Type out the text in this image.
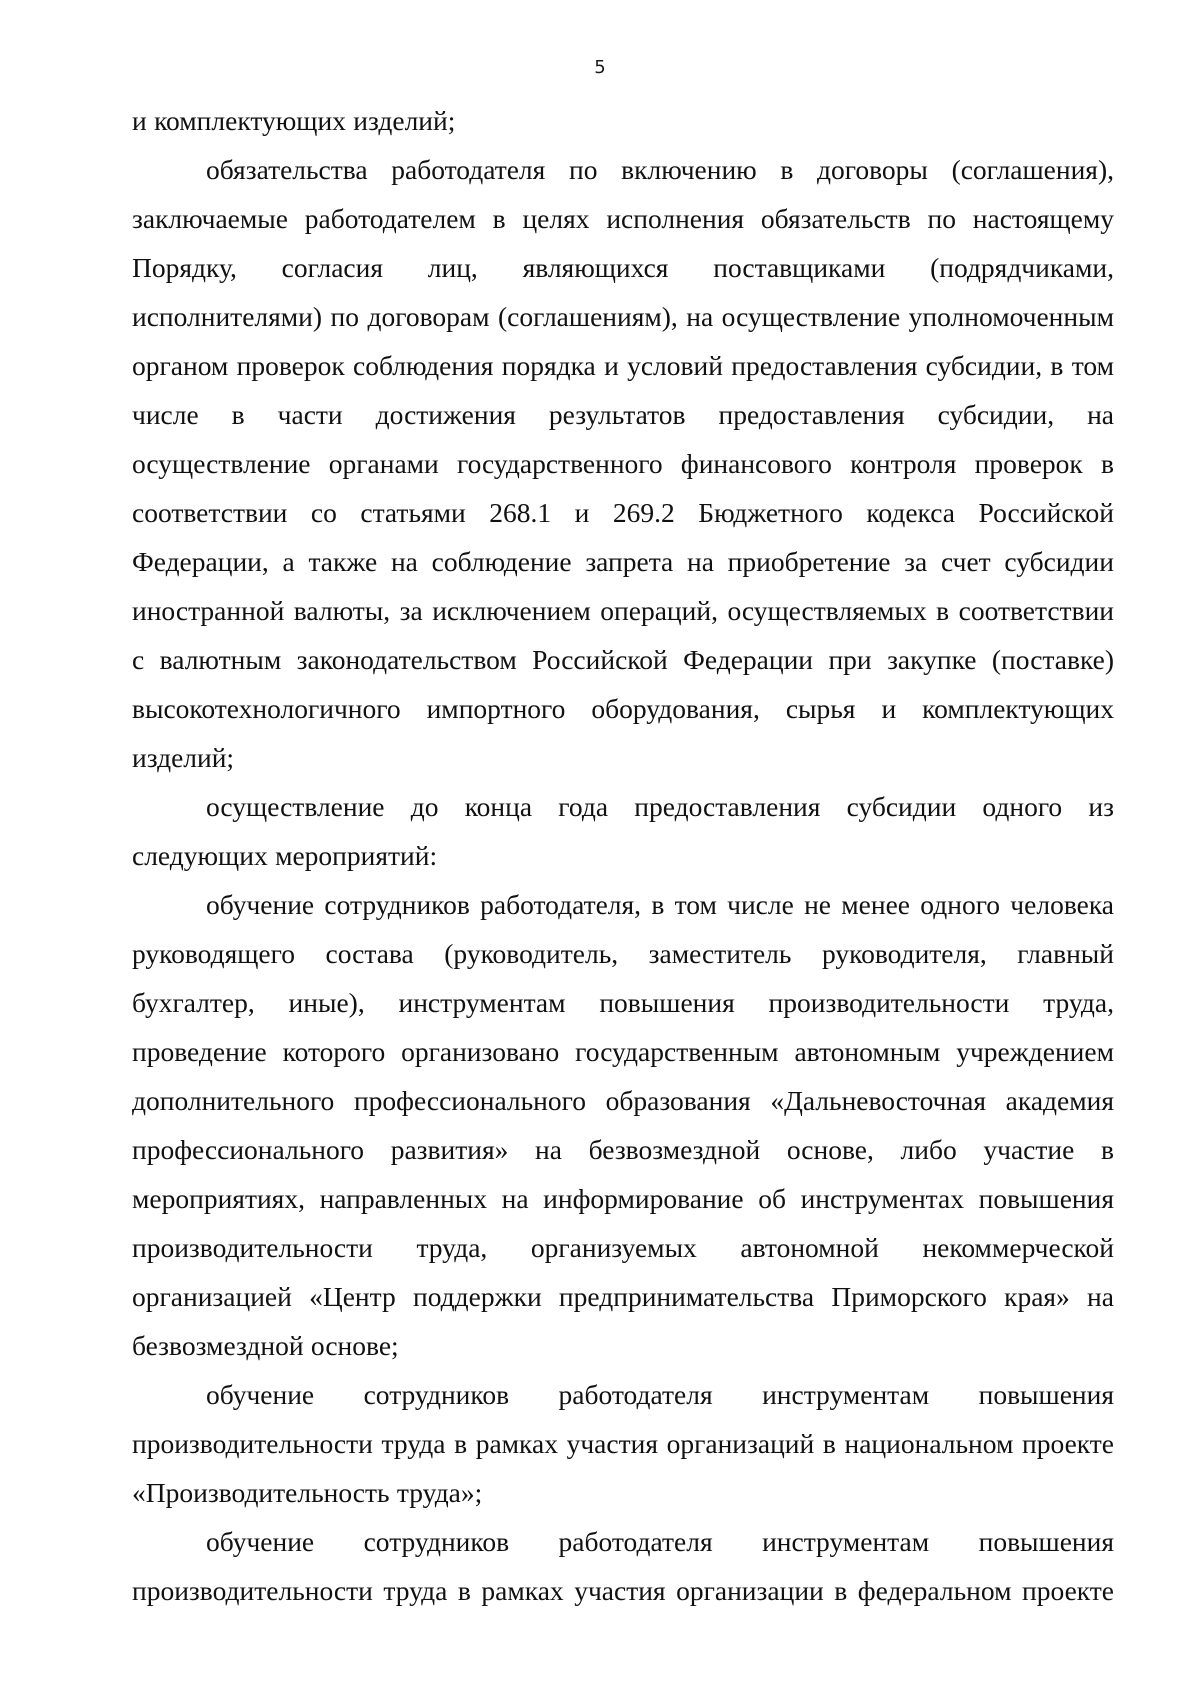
5

и комплектующих изделий;

обязательства работодателя по включению в договоры (соглашения), заключаемые работодателем в целях исполнения обязательств по настоящему Порядку, согласия лиц, являющихся поставщиками (подрядчиками, исполнителями) по договорам (соглашениям), на осуществление уполномоченным органом проверок соблюдения порядка и условий предоставления субсидии, в том числе в части достижения результатов предоставления субсидии, на осуществление органами государственного финансового контроля проверок в соответствии со статьями 268.1 и 269.2 Бюджетного кодекса Российской Федерации, а также на соблюдение запрета на приобретение за счет субсидии иностранной валюты, за исключением операций, осуществляемых в соответствии с валютным законодательством Российской Федерации при закупке (поставке) высокотехнологичного импортного оборудования, сырья и комплектующих изделий;

осуществление до конца года предоставления субсидии одного из следующих мероприятий:

обучение сотрудников работодателя, в том числе не менее одного человека руководящего состава (руководитель, заместитель руководителя, главный бухгалтер, иные), инструментам повышения производительности труда, проведение которого организовано государственным автономным учреждением дополнительного профессионального образования «Дальневосточная академия профессионального развития» на безвозмездной основе, либо участие в мероприятиях, направленных на информирование об инструментах повышения производительности труда, организуемых автономной некоммерческой организацией «Центр поддержки предпринимательства Приморского края» на безвозмездной основе;

обучение сотрудников работодателя инструментам повышения производительности труда в рамках участия организаций в национальном проекте «Производительность труда»;

обучение сотрудников работодателя инструментам повышения производительности труда в рамках участия организации в федеральном проекте
